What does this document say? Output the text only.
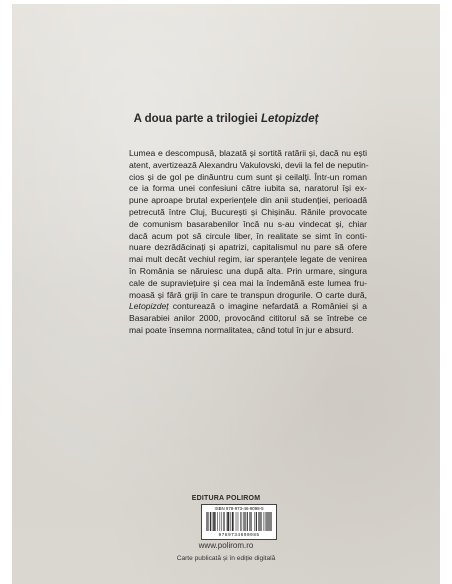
A doua parte a trilogiei Letopizdeț

Lumea e descompusă, blazată și sortită ratării și, dacă nu ești
atent, avertizează Alexandru Vakulovski, devii la fel de neputin-
cios și de gol pe dinăuntru cum sunt și ceilalți. Într-un roman
ce ia forma unei confesiuni către iubita sa, naratorul își ex-
pune aproape brutal experiențele din anii studenției, perioadă
petrecută între Cluj, București și Chișinău. Rănile provocate
de comunism basarabenilor încă nu s-au vindecat și, chiar
dacă acum pot să circule liber, în realitate se simt în conti-
nuare dezrădăcinați și apatrizi, capitalismul nu pare să ofere
mai mult decât vechiul regim, iar speranțele legate de venirea
în România se năruiesc una după alta. Prin urmare, singura
cale de supraviețuire și cea mai la îndemână este lumea fru-
moasă și fără griji în care te transpun drogurile. O carte dură,
Letopizdeț conturează o imagine nefardată a României și a
Basarabiei anilor 2000, provocând cititorul să se întrebe ce
mai poate însemna normalitatea, când totul în jur e absurd.

EDITURA POLIROM
ISBN 978-973-46-9098-5
9789734690985
www.polirom.ro
Carte publicată și în ediție digitală
